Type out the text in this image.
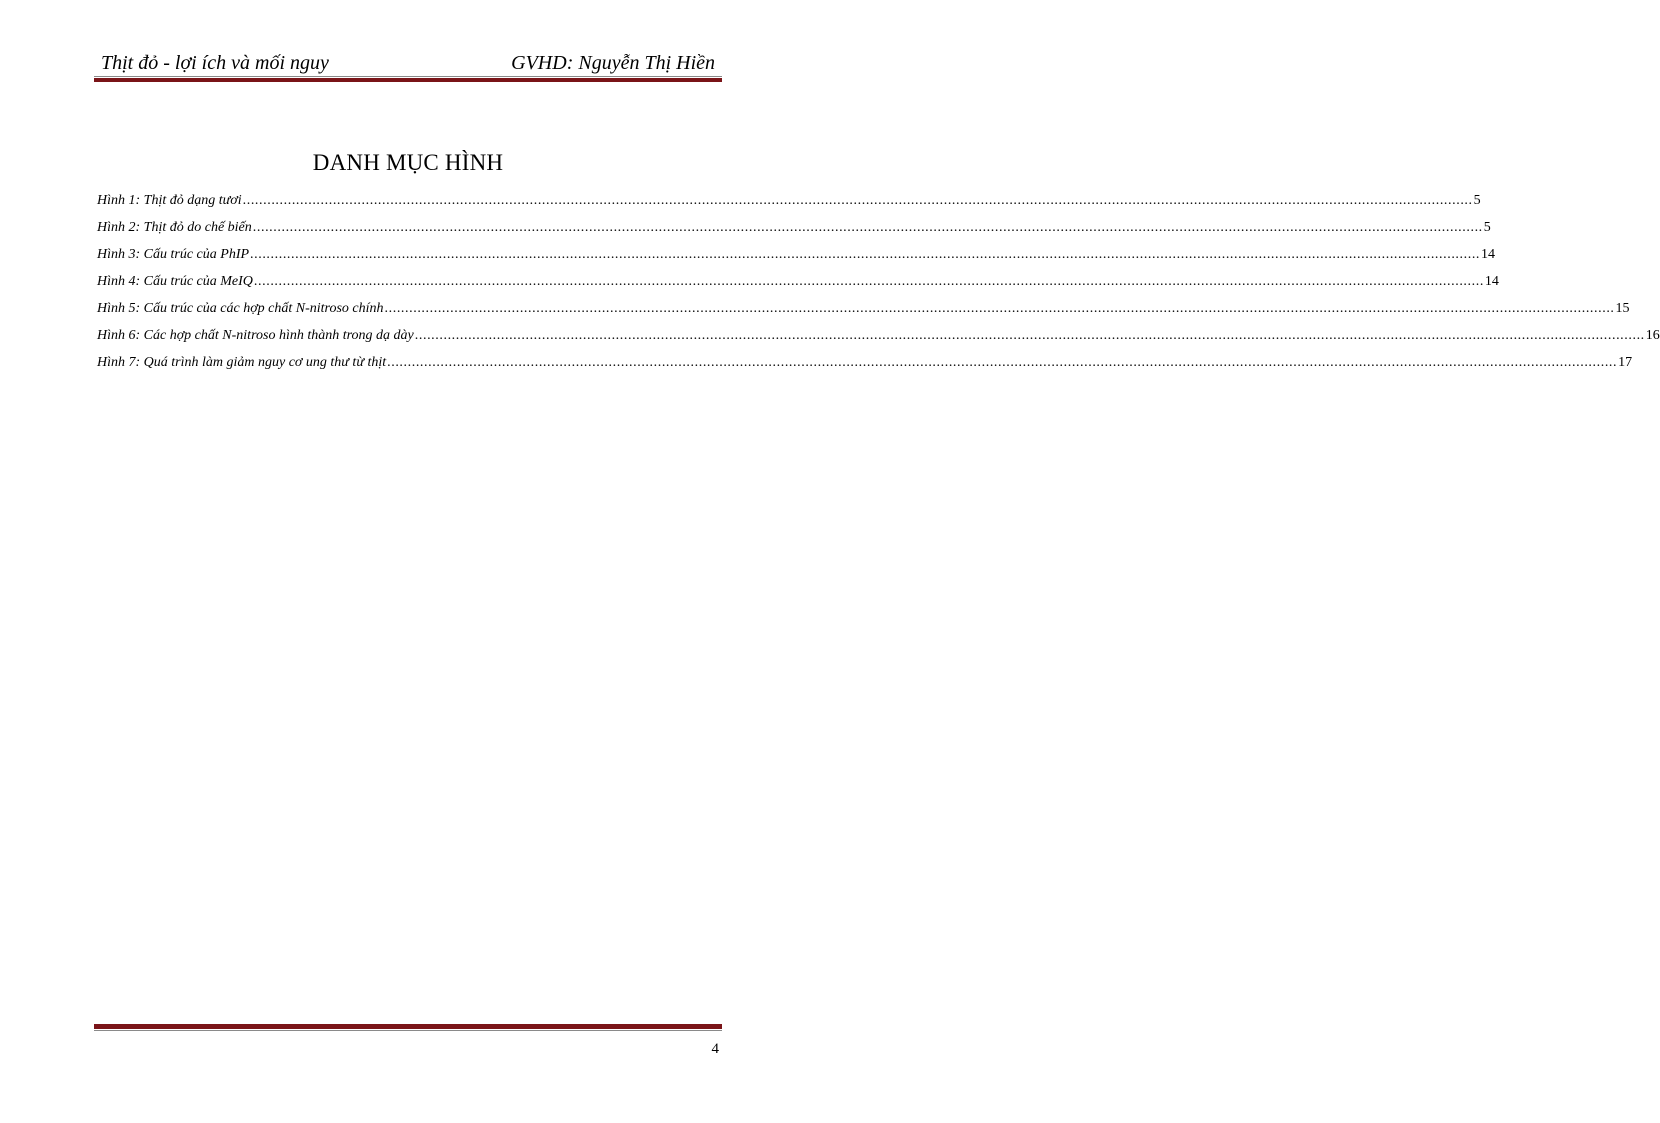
Thịt đỏ - lợi ích và mối nguy	GVHD: Nguyễn Thị Hiền
DANH MỤC HÌNH
Hình 1: Thịt đỏ dạng tươi ............................................................................................................................................................................................................................................................................................................ 5
Hình 2: Thịt đỏ do chế biến ............................................................................................................................................................................................................................................................................................................ 5
Hình 3: Cấu trúc của PhIP ............................................................................................................................................................................................................................................................................................................ 14
Hình 4: Cấu trúc của MeIQ ............................................................................................................................................................................................................................................................................................................ 14
Hình 5: Cấu trúc của các hợp chất N-nitroso chính ............................................................................................................................................................................................................................................................................................................ 15
Hình 6: Các hợp chất N-nitroso hình thành trong dạ dày ............................................................................................................................................................................................................................................................................................................ 16
Hình 7: Quá trình làm giảm nguy cơ ung thư từ thịt ............................................................................................................................................................................................................................................................................................................ 17
4
